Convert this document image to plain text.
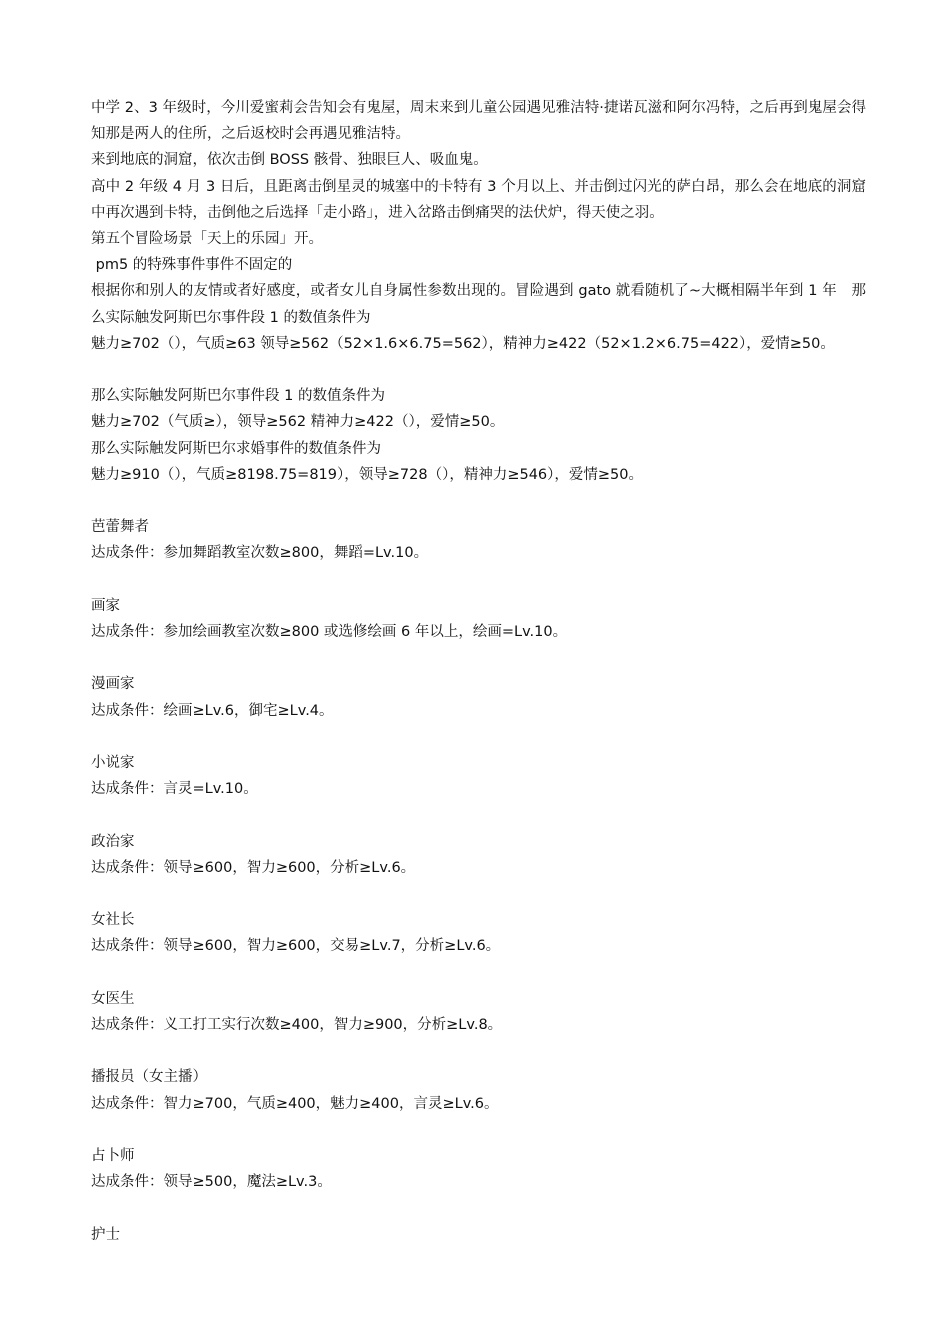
中学 2、3 年级时，今川爱蜜莉会告知会有鬼屋，周末来到儿童公园遇见雅洁特·捷诺瓦滋和阿尔冯特，之后再到鬼屋会得知那是两人的住所，之后返校时会再遇见雅洁特。
来到地底的洞窟，依次击倒 BOSS 骸骨、独眼巨人、吸血鬼。
高中 2 年级 4 月 3 日后，且距离击倒星灵的城塞中的卡特有 3 个月以上、并击倒过闪光的萨白昂，那么会在地底的洞窟中再次遇到卡特，击倒他之后选择「走小路」，进入岔路击倒痛哭的法伏炉，得天使之羽。
第五个冒险场景「天上的乐园」开。
pm5 的特殊事件事件不固定的
根据你和别人的友情或者好感度，或者女儿自身属性参数出现的。冒险遇到 gato 就看随机了~大概相隔半年到 1 年　那么实际触发阿斯巴尔事件段 1 的数值条件为
魅力≥702（），气质≥63 领导≥562（52×1.6×6.75=562），精神力≥422（52×1.2×6.75=422），爱情≥50。
那么实际触发阿斯巴尔事件段 1 的数值条件为
魅力≥702（气质≥），领导≥562 精神力≥422（），爱情≥50。
那么实际触发阿斯巴尔求婚事件的数值条件为
魅力≥910（），气质≥8198.75=819），领导≥728（），精神力≥546），爱情≥50。
芭蕾舞者
达成条件：参加舞蹈教室次数≥800，舞蹈=Lv.10。
画家
达成条件：参加绘画教室次数≥800 或选修绘画 6 年以上，绘画=Lv.10。
漫画家
达成条件：绘画≥Lv.6，御宅≥Lv.4。
小说家
达成条件：言灵=Lv.10。
政治家
达成条件：领导≥600，智力≥600，分析≥Lv.6。
女社长
达成条件：领导≥600，智力≥600，交易≥Lv.7，分析≥Lv.6。
女医生
达成条件：义工打工实行次数≥400，智力≥900，分析≥Lv.8。
播报员（女主播）
达成条件：智力≥700，气质≥400，魅力≥400，言灵≥Lv.6。
占卜师
达成条件：领导≥500，魔法≥Lv.3。
护士
